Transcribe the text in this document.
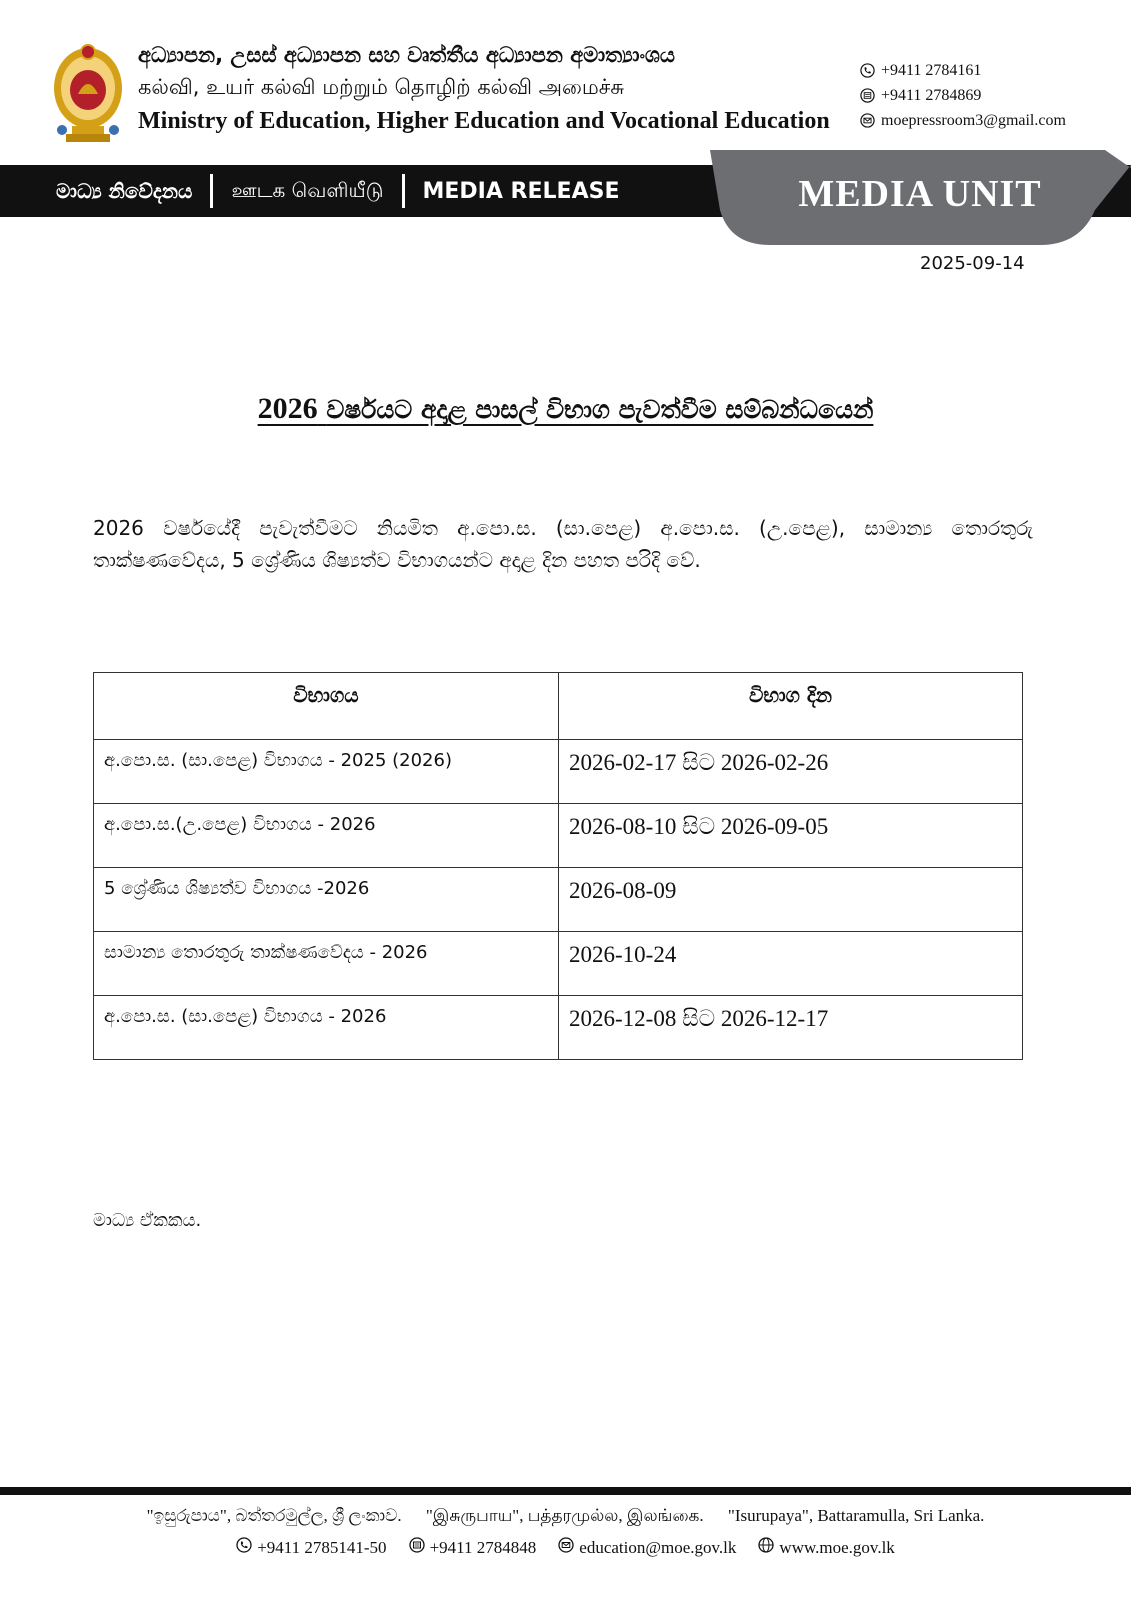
අධ්‍යාපන, උසස් අධ්‍යාපන සහ වෘත්තීය අධ්‍යාපන අමාත්‍යාංශය
கல்வி, உயர் கல்வி மற்றும் தொழிற் கல்வி அமைச்சு
Ministry of Education, Higher Education and Vocational Education
+9411 2784161
+9411 2784869
moepressroom3@gmail.com
මාධ්‍ය නිවේදනය ஊடக வெளியீடு MEDIA RELEASE	MEDIA UNIT
2025-09-14
2026 වර්ෂයට අදාළ පාසල් විභාග පැවත්වීම සම්බන්ධයෙන්

2026 වර්ෂයේදී පැවැත්වීමට නියමිත අ.පො.ස. (සා.පෙළ) අ.පො.ස. (උ.පෙළ), සාමාන්‍ය තොරතුරු තාක්ෂණවේදය, 5 ශ්‍රේණිය ශිෂ්‍යත්ව විභාගයන්ට අදාළ දින පහත පරිදි වේ.

විභාගය	විභාග දින
අ.පො.ස. (සා.පෙළ) විභාගය - 2025 (2026)	2026-02-17 සිට 2026-02-26
අ.පො.ස.(උ.පෙළ) විභාගය - 2026	2026-08-10 සිට 2026-09-05
5 ශ්‍රේණිය ශිෂ්‍යත්ව විභාගය -2026	2026-08-09
සාමාන්‍ය තොරතුරු තාක්ෂණවේදය - 2026	2026-10-24
අ.පො.ස. (සා.පෙළ) විභාගය - 2026	2026-12-08 සිට 2026-12-17
මාධ්‍ය ඒකකය.
"ඉසුරුපාය", බත්තරමුල්ල, ශ්‍රී ලංකාව. "இசுருபாய", பத்தரமுல்ல, இலங்கை. "Isurupaya", Battaramulla, Sri Lanka.
+9411 2785141-50	+9411 2784848	education@moe.gov.lk	www.moe.gov.lk
